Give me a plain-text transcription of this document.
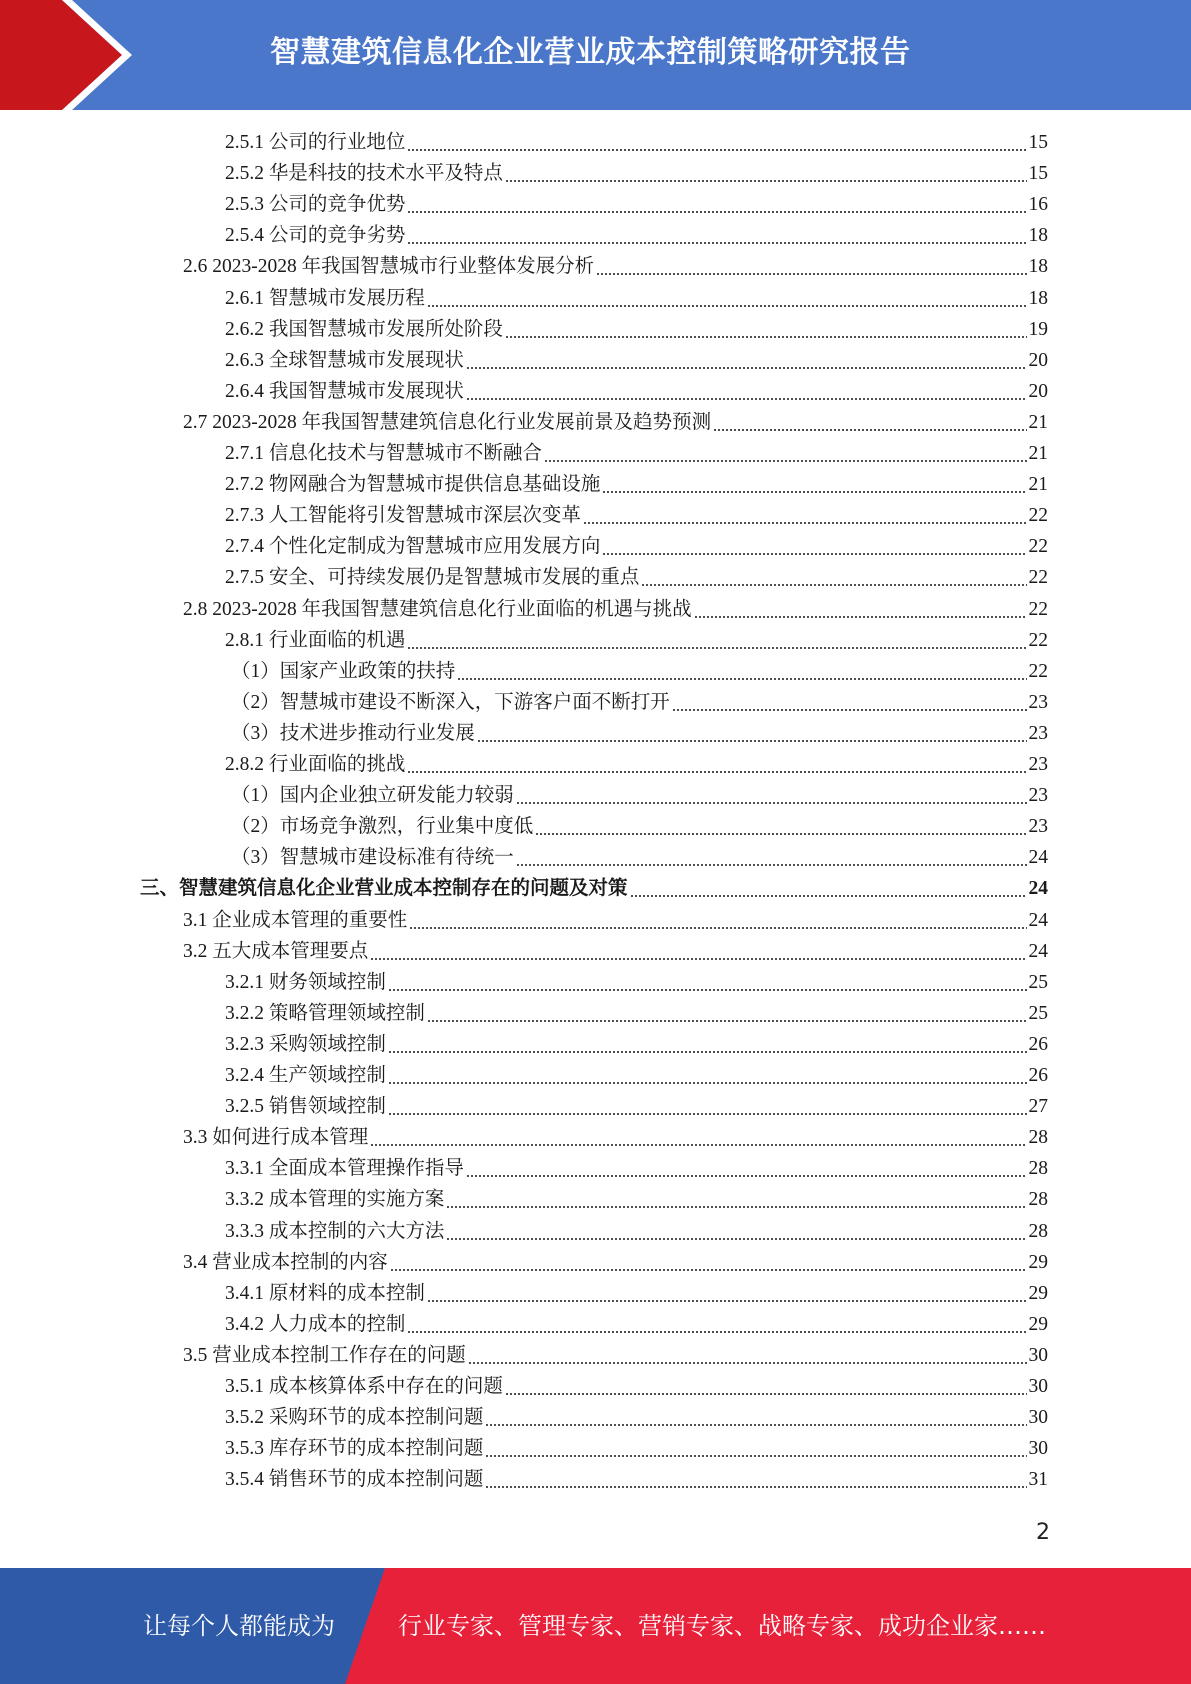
智慧建筑信息化企业营业成本控制策略研究报告
2.5.1 公司的行业地位	15
2.5.2 华是科技的技术水平及特点	15
2.5.3 公司的竞争优势	16
2.5.4 公司的竞争劣势	18
2.6 2023-2028 年我国智慧城市行业整体发展分析	18
2.6.1 智慧城市发展历程	18
2.6.2 我国智慧城市发展所处阶段	19
2.6.3 全球智慧城市发展现状	20
2.6.4 我国智慧城市发展现状	20
2.7 2023-2028 年我国智慧建筑信息化行业发展前景及趋势预测	21
2.7.1 信息化技术与智慧城市不断融合	21
2.7.2 物网融合为智慧城市提供信息基础设施	21
2.7.3 人工智能将引发智慧城市深层次变革	22
2.7.4 个性化定制成为智慧城市应用发展方向	22
2.7.5 安全、可持续发展仍是智慧城市发展的重点	22
2.8 2023-2028 年我国智慧建筑信息化行业面临的机遇与挑战	22
2.8.1 行业面临的机遇	22
（1）国家产业政策的扶持	22
（2）智慧城市建设不断深入，下游客户面不断打开	23
（3）技术进步推动行业发展	23
2.8.2 行业面临的挑战	23
（1）国内企业独立研发能力较弱	23
（2）市场竞争激烈，行业集中度低	23
（3）智慧城市建设标准有待统一	24
三、智慧建筑信息化企业营业成本控制存在的问题及对策	24
3.1 企业成本管理的重要性	24
3.2 五大成本管理要点	24
3.2.1 财务领域控制	25
3.2.2 策略管理领域控制	25
3.2.3 采购领域控制	26
3.2.4 生产领域控制	26
3.2.5 销售领域控制	27
3.3 如何进行成本管理	28
3.3.1 全面成本管理操作指导	28
3.3.2 成本管理的实施方案	28
3.3.3 成本控制的六大方法	28
3.4 营业成本控制的内容	29
3.4.1 原材料的成本控制	29
3.4.2 人力成本的控制	29
3.5 营业成本控制工作存在的问题	30
3.5.1 成本核算体系中存在的问题	30
3.5.2 采购环节的成本控制问题	30
3.5.3 库存环节的成本控制问题	30
3.5.4 销售环节的成本控制问题	31
2
让每个人都能成为	行业专家、管理专家、营销专家、战略专家、成功企业家……
